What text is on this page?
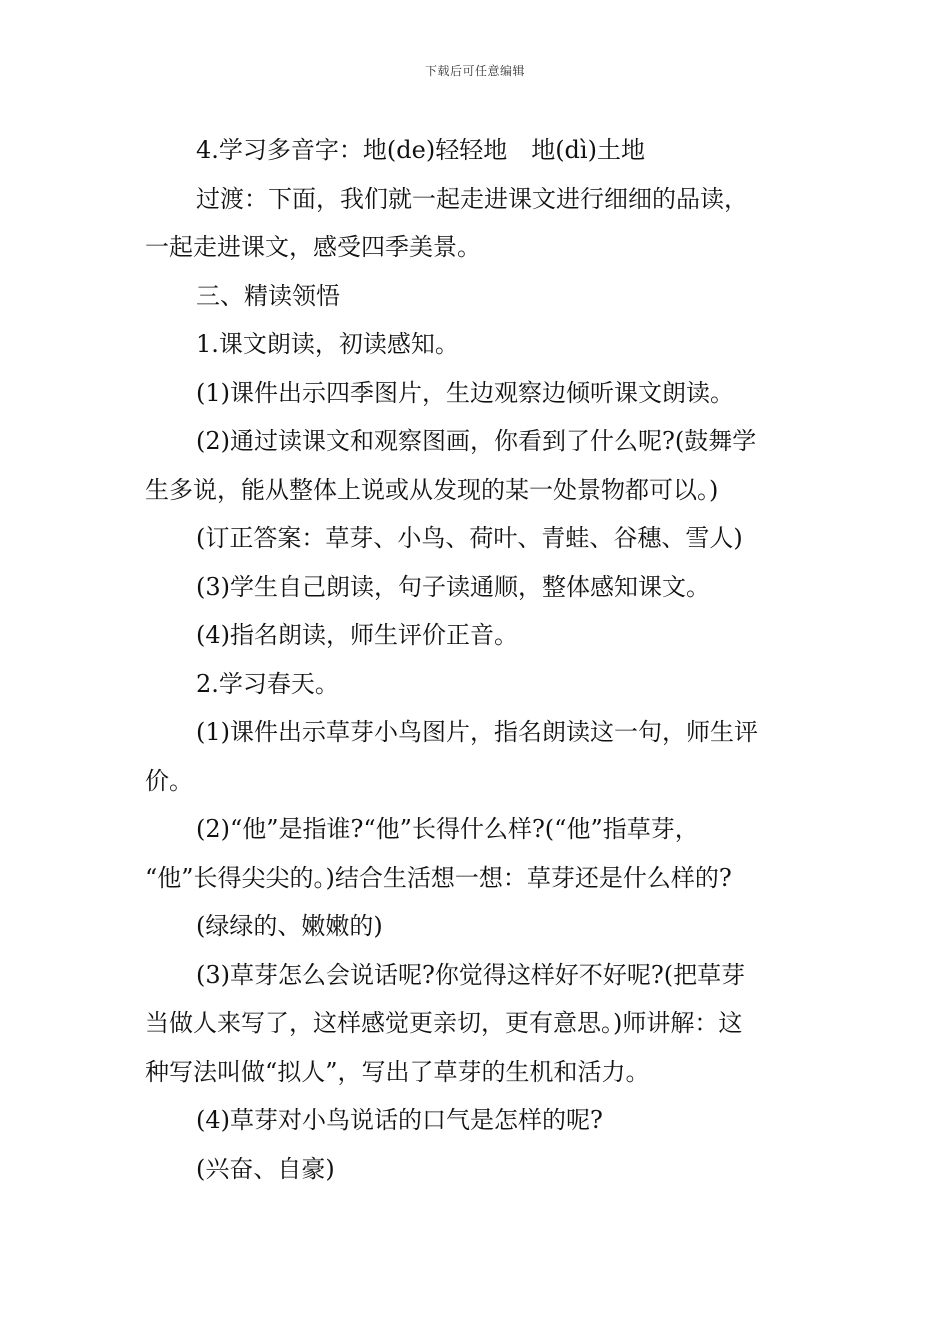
下载后可任意编辑

4.学习多音字：地(de)轻轻地　地(dì)土地

过渡：下面，我们就一起走进课文进行细细的品读，

一起走进课文，感受四季美景。

三、精读领悟

1.课文朗读，初读感知。

(1)课件出示四季图片，生边观察边倾听课文朗读。

(2)通过读课文和观察图画，你看到了什么呢?(鼓舞学

生多说，能从整体上说或从发现的某一处景物都可以。)

(订正答案：草芽、小鸟、荷叶、青蛙、谷穗、雪人)

(3)学生自己朗读，句子读通顺，整体感知课文。

(4)指名朗读，师生评价正音。

2.学习春天。

(1)课件出示草芽小鸟图片，指名朗读这一句，师生评

价。

(2)“他”是指谁?“他”长得什么样?(“他”指草芽，

“他”长得尖尖的。)结合生活想一想：草芽还是什么样的?

(绿绿的、嫩嫩的)

(3)草芽怎么会说话呢?你觉得这样好不好呢?(把草芽

当做人来写了，这样感觉更亲切，更有意思。)师讲解：这

种写法叫做“拟人”，写出了草芽的生机和活力。

(4)草芽对小鸟说话的口气是怎样的呢?

(兴奋、自豪)
